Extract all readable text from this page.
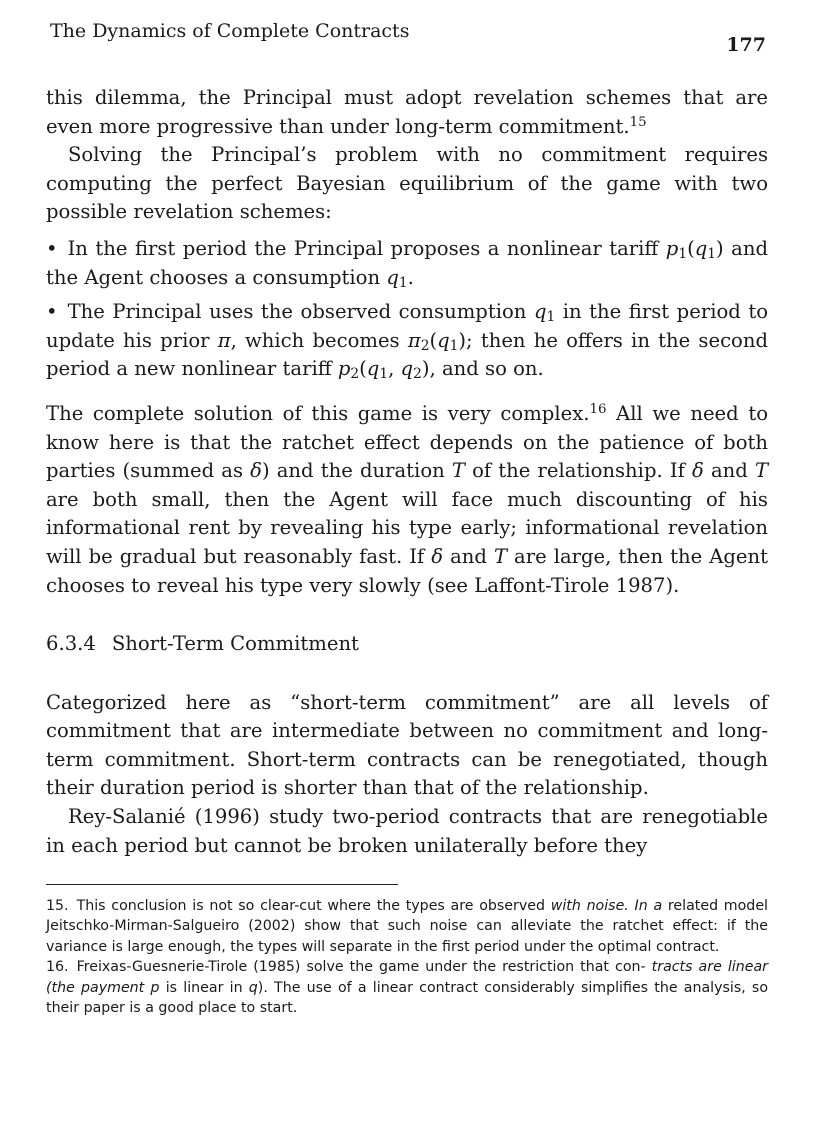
The Dynamics of Complete Contracts
177

this dilemma, the Principal must adopt revelation schemes that are even more progressive than under long-term commitment.$^{15}$

Solving the Principal’s problem with no commitment requires computing the perfect Bayesian equilibrium of the game with two possible revelation schemes:

• In the first period the Principal proposes a nonlinear tariff $p_1(q_1)$ and the Agent chooses a consumption $q_1$.
• The Principal uses the observed consumption $q_1$ in the first period to update his prior π, which becomes $\pi_2(q_1)$; then he offers in the second period a new nonlinear tariff $p_2(q_1$, $q_2$), and so on.

The complete solution of this game is very complex.$^{16}$ All we need to know here is that the ratchet effect depends on the patience of both parties (summed as δ) and the duration T of the relationship. If δ and T are both small, then the Agent will face much discounting of his informational rent by revealing his type early; informational revelation will be gradual but reasonably fast. If δ and T are large, then the Agent chooses to reveal his type very slowly (see Laffont-Tirole 1987).

6.3.4 Short-Term Commitment

Categorized here as “short-term commitment” are all levels of commitment that are intermediate between no commitment and long-term commitment. Short-term contracts can be renegotiated, though their duration period is shorter than that of the relationship.

Rey-Salanié (1996) study two-period contracts that are renegotiable in each period but cannot be broken unilaterally before they

15. This conclusion is not so clear-cut where the types are observed with noise. In a related model Jeitschko-Mirman-Salgueiro (2002) show that such noise can alleviate the ratchet effect: if the variance is large enough, the types will separate in the first period under the optimal contract.

16. Freixas-Guesnerie-Tirole (1985) solve the game under the restriction that con- tracts are linear (the payment p is linear in q). The use of a linear contract considerably simplifies the analysis, so their paper is a good place to start.
